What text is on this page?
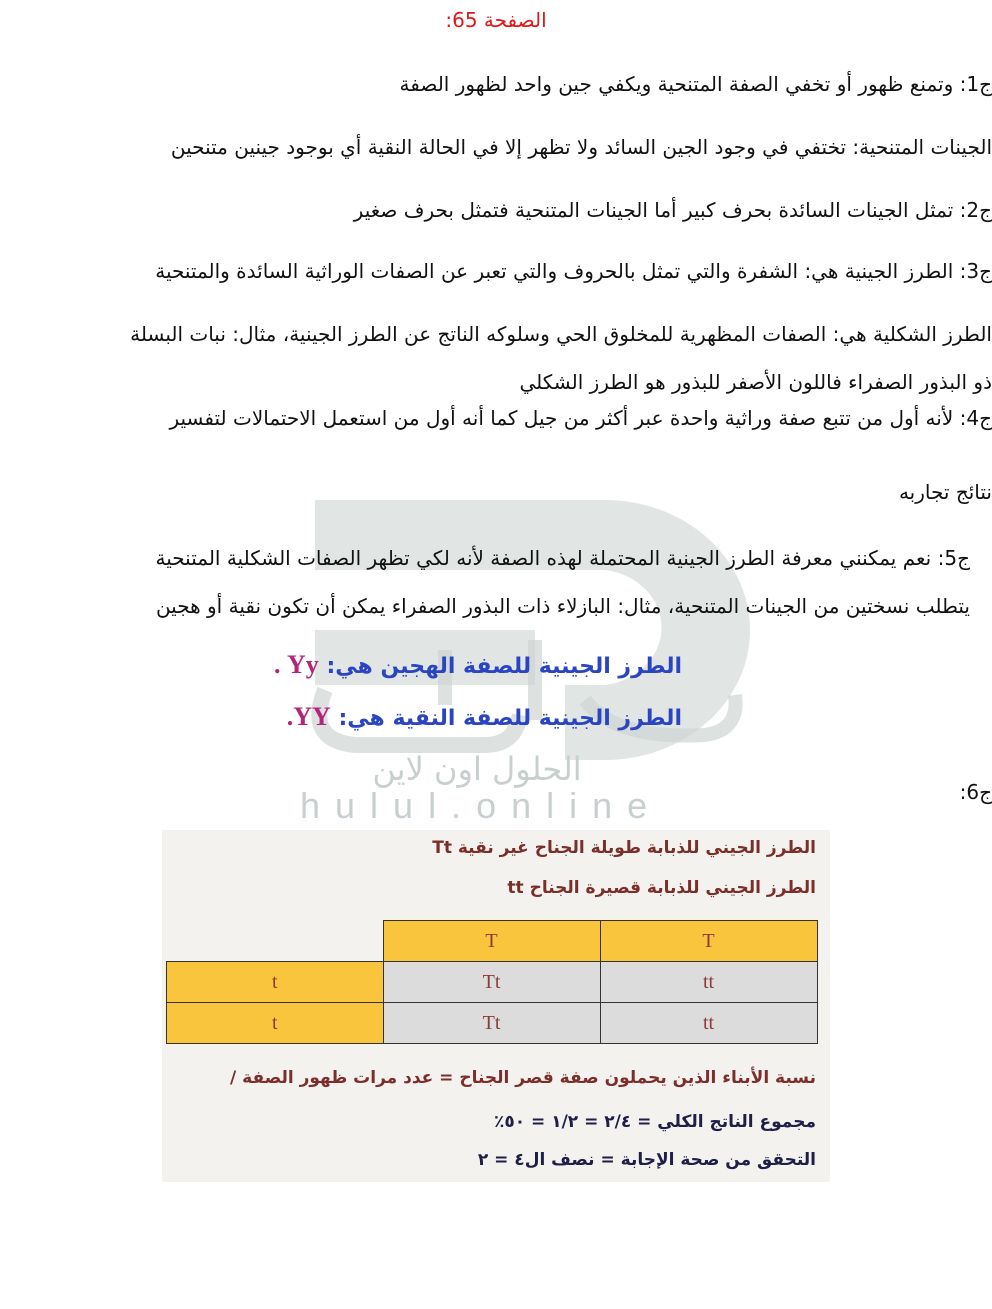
الحلول اون لاين
hulul.online
الصفحة 65:
ج1: وتمنع ظهور أو تخفي الصفة المتنحية ويكفي جين واحد لظهور الصفة
الجينات المتنحية: تختفي في وجود الجين السائد ولا تظهر إلا في الحالة النقية أي بوجود جينين متنحين
ج2: تمثل الجينات السائدة بحرف كبير أما الجينات المتنحية فتمثل بحرف صغير
ج3: الطرز الجينية هي: الشفرة والتي تمثل بالحروف والتي تعبر عن الصفات الوراثية السائدة والمتنحية
الطرز الشكلية هي: الصفات المظهرية للمخلوق الحي وسلوكه الناتج عن الطرز الجينية، مثال: نبات البسلة
ذو البذور الصفراء فاللون الأصفر للبذور هو الطرز الشكلي
ج4: لأنه أول من تتبع صفة وراثية واحدة عبر أكثر من جيل كما أنه أول من استعمل الاحتمالات لتفسير
نتائج تجاربه
ج5: نعم يمكنني معرفة الطرز الجينية المحتملة لهذه الصفة لأنه لكي تظهر الصفات الشكلية المتنحية
يتطلب نسختين من الجينات المتنحية، مثال: البازلاء ذات البذور الصفراء يمكن أن تكون نقية أو هجين
الطرز الجينية للصفة الهجين هي: Yy .
الطرز الجينية للصفة النقية هي: YY.
ج6:
الطرز الجيني للذبابة طويلة الجناح غير نقية Tt
الطرز الجيني للذبابة قصيرة الجناح tt
	T	T
t	Tt	tt
t	Tt	tt
نسبة الأبناء الذين يحملون صفة قصر الجناح = عدد مرات ظهور الصفة /
مجموع الناتج الكلي = ٢/٤ = ١/٢ = ٥٠٪
التحقق من صحة الإجابة = نصف ال٤ = ٢
